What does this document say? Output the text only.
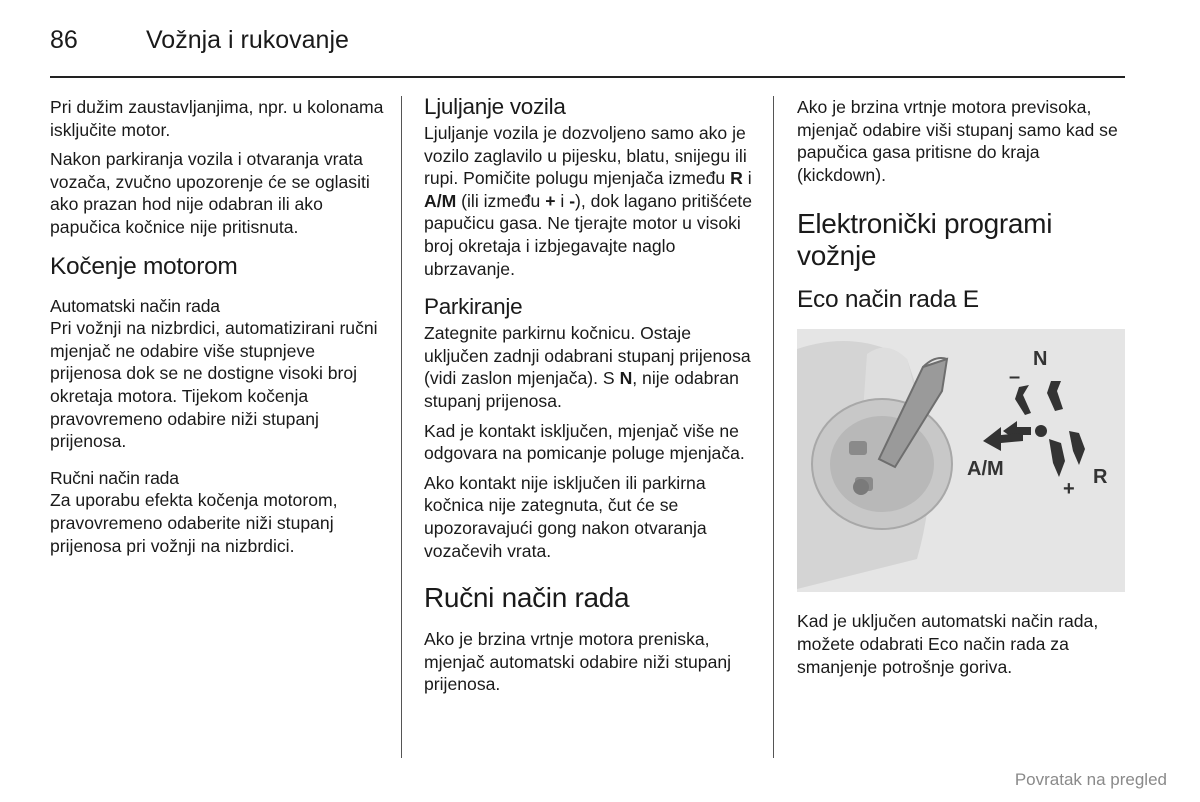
86	Vožnja i rukovanje

Pri dužim zaustavljanjima, npr. u kolonama isključite motor.

Nakon parkiranja vozila i otvaranja vrata vozača, zvučno upozorenje će se oglasiti ako prazan hod nije odabran ili ako papučica kočnice nije pritisnuta.

Kočenje motorom
Automatski način rada

Pri vožnji na nizbrdici, automatizirani ručni mjenjač ne odabire više stupnjeve prijenosa dok se ne dostigne visoki broj okretaja motora. Tijekom kočenja pravovremeno odabire niži stupanj prijenosa.

Ručni način rada

Za uporabu efekta kočenja motorom, pravovremeno odaberite niži stupanj prijenosa pri vožnji na nizbrdici.

Ljuljanje vozila

Ljuljanje vozila je dozvoljeno samo ako je vozilo zaglavilo u pijesku, blatu, snijegu ili rupi. Pomičite polugu mjenjača između R i A/M (ili između + i -), dok lagano pritišćete papučicu gasa. Ne tjerajte motor u visoki broj okretaja i izbjegavajte naglo ubrzavanje.

Parkiranje

Zategnite parkirnu kočnicu. Ostaje uključen zadnji odabrani stupanj prijenosa (vidi zaslon mjenjača). S N, nije odabran stupanj prijenosa.

Kad je kontakt isključen, mjenjač više ne odgovara na pomicanje poluge mjenjača.

Ako kontakt nije isključen ili parkirna kočnica nije zategnuta, čut će se upozoravajući gong nakon otvaranja vozačevih vrata.

Ručni način rada

Ako je brzina vrtnje motora preniska, mjenjač automatski odabire niži stupanj prijenosa.

Ako je brzina vrtnje motora previsoka, mjenjač odabire viši stupanj samo kad se papučica gasa pritisne do kraja (kickdown).

Elektronički programi vožnje
Eco način rada E
N
–
A/M
+
R

Kad je uključen automatski način rada, možete odabrati Eco način rada za smanjenje potrošnje goriva.

Povratak na pregled
